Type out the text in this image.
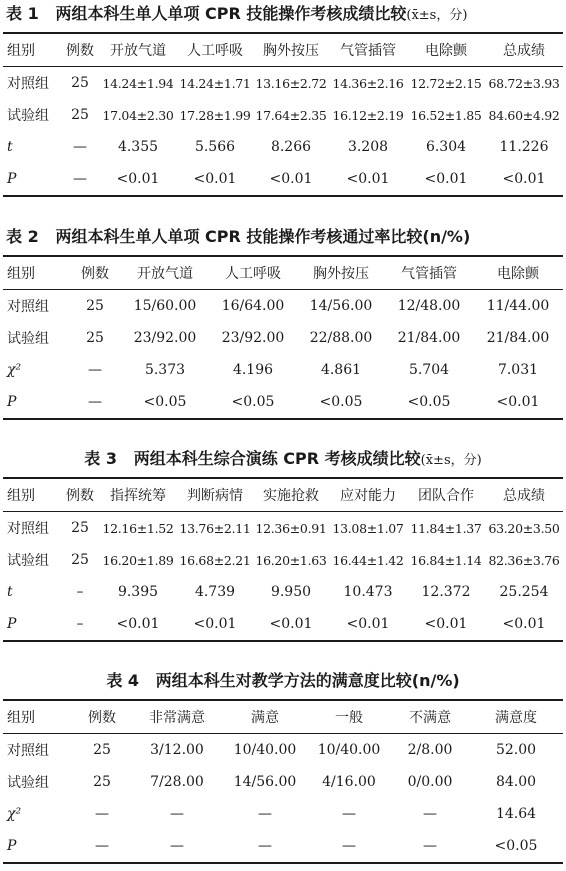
表 1 两组本科生单人单项 CPR 技能操作考核成绩比较(x̄±s，分)
组别	例数	开放气道	人工呼吸	胸外按压	气管插管	电除颤	总成绩
对照组	25	14.24±1.94	14.24±1.71	13.16±2.72	14.36±2.16	12.72±2.15	68.72±3.93
试验组	25	17.04±2.30	17.28±1.99	17.64±2.35	16.12±2.19	16.52±1.85	84.60±4.92
t	—	4.355	5.566	8.266	3.208	6.304	11.226
P	—	<0.01	<0.01	<0.01	<0.01	<0.01	<0.01
表 2 两组本科生单人单项 CPR 技能操作考核通过率比较(n/%)
组别	例数	开放气道	人工呼吸	胸外按压	气管插管	电除颤
对照组	25	15/60.00	16/64.00	14/56.00	12/48.00	11/44.00
试验组	25	23/92.00	23/92.00	22/88.00	21/84.00	21/84.00
χ²	—	5.373	4.196	4.861	5.704	7.031
P	—	<0.05	<0.05	<0.05	<0.05	<0.01
表 3 两组本科生综合演练 CPR 考核成绩比较(x̄±s，分)
组别	例数	指挥统筹	判断病情	实施抢救	应对能力	团队合作	总成绩
对照组	25	12.16±1.52	13.76±2.11	12.36±0.91	13.08±1.07	11.84±1.37	63.20±3.50
试验组	25	16.20±1.89	16.68±2.21	16.20±1.63	16.44±1.42	16.84±1.14	82.36±3.76
t	–	9.395	4.739	9.950	10.473	12.372	25.254
P	–	<0.01	<0.01	<0.01	<0.01	<0.01	<0.01
表 4 两组本科生对教学方法的满意度比较(n/%)
组别	例数	非常满意	满意	一般	不满意	满意度
对照组	25	3/12.00	10/40.00	10/40.00	2/8.00	52.00
试验组	25	7/28.00	14/56.00	4/16.00	0/0.00	84.00
χ²	—	—	—	—	—	14.64
P	—	—	—	—	—	<0.05
